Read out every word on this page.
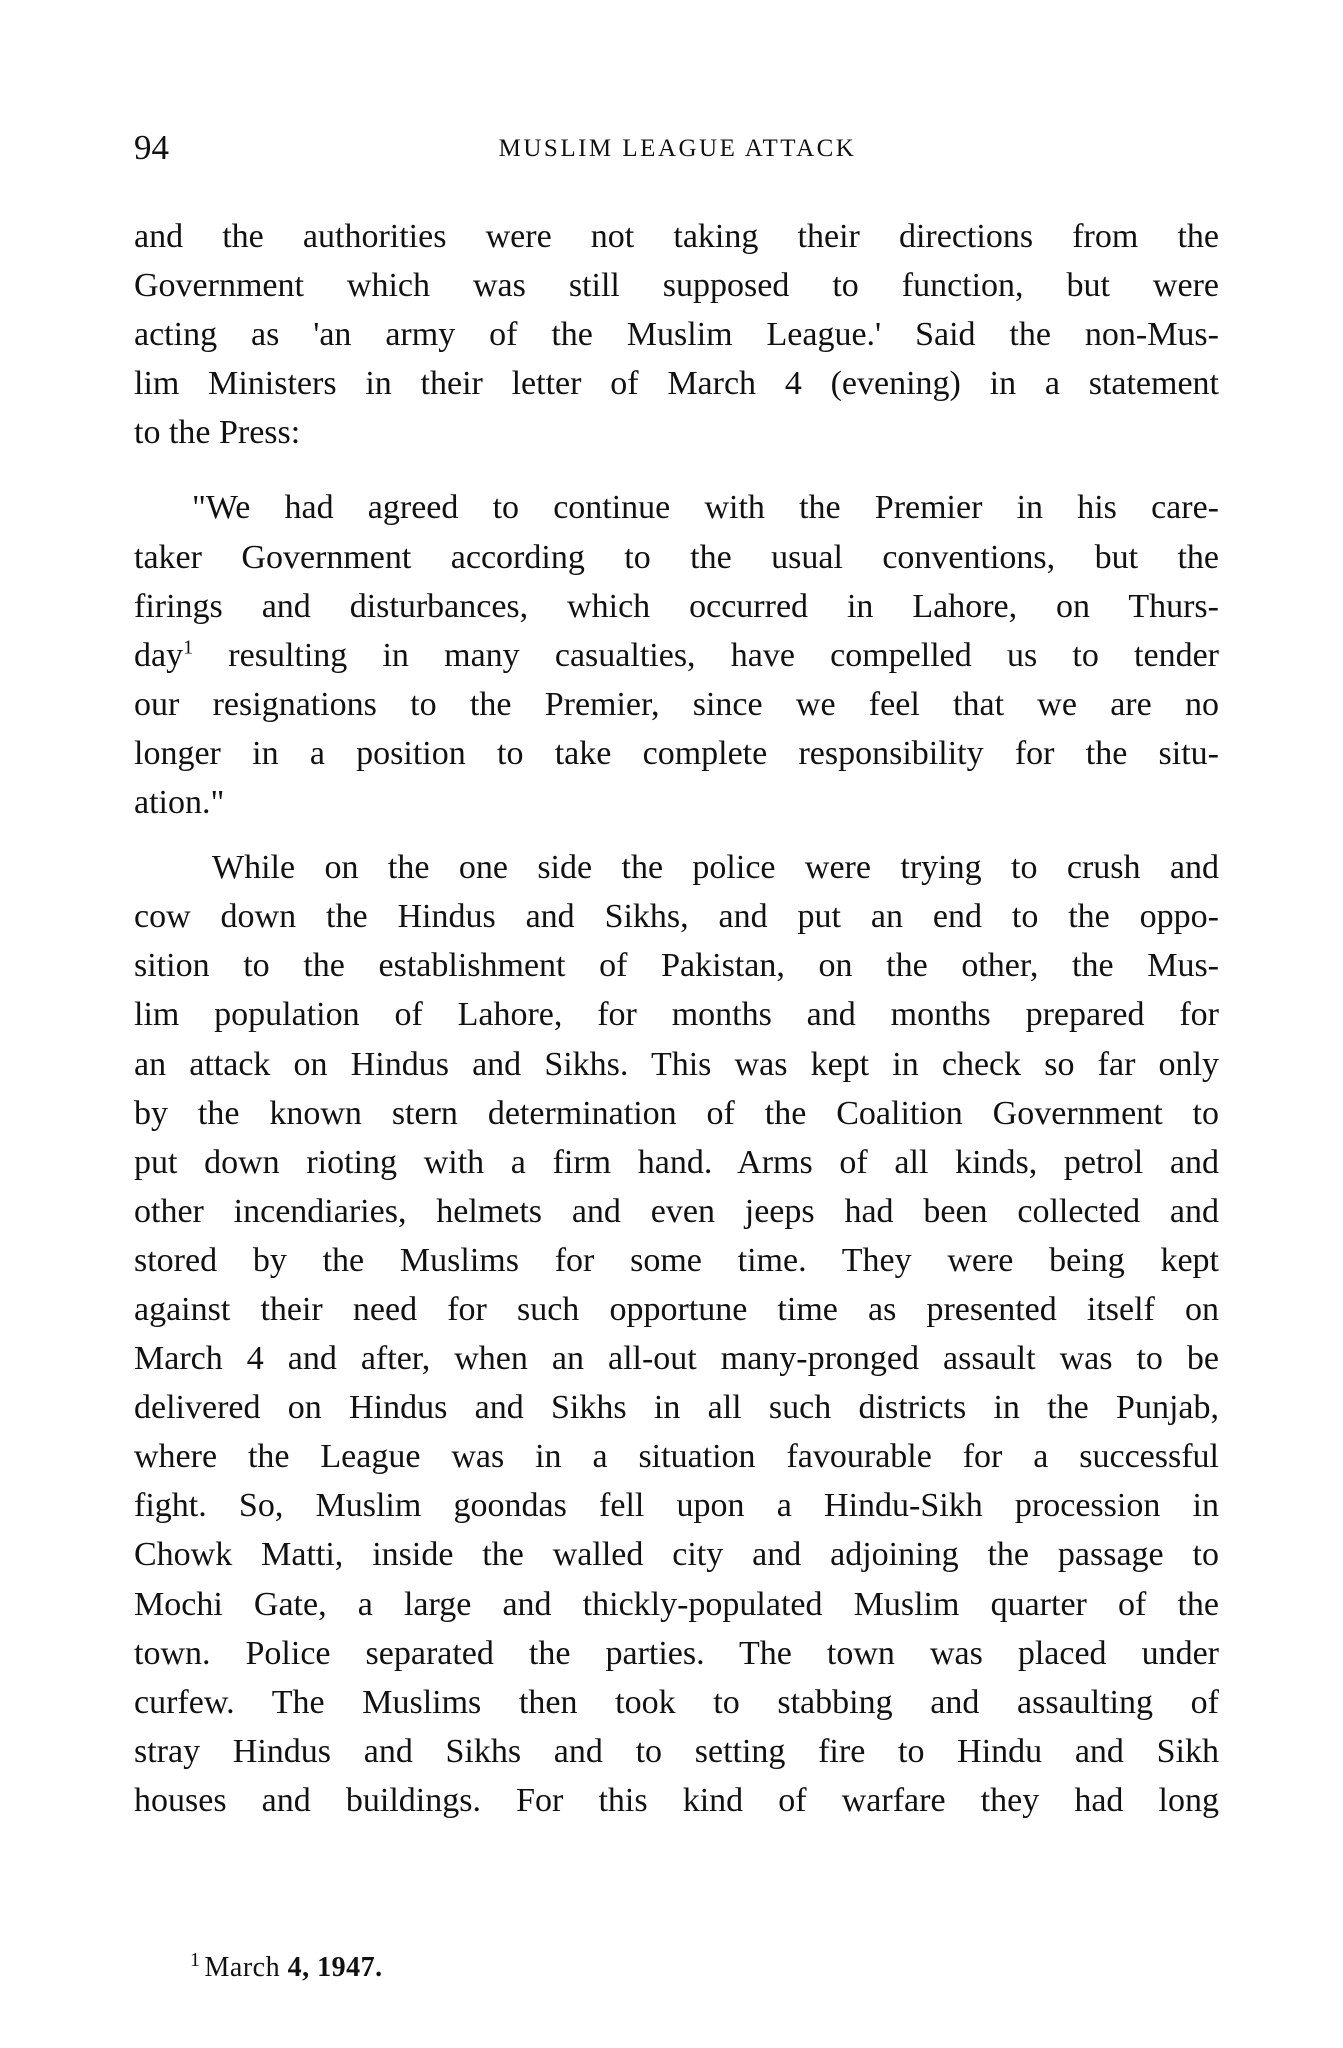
94	MUSLIM LEAGUE ATTACK

and the authorities were not taking their directions from the
Government which was still supposed to function, but were
acting as 'an army of the Muslim League.' Said the non-Mus-
lim Ministers in their letter of March 4 (evening) in a statement
to the Press:

"We had agreed to continue with the Premier in his care-
taker Government according to the usual conventions, but the
firings and disturbances, which occurred in Lahore, on Thurs-
day$^1$ resulting in many casualties, have compelled us to tender
our resignations to the Premier, since we feel that we are no
longer in a position to take complete responsibility for the situ-
ation."

While on the one side the police were trying to crush and
cow down the Hindus and Sikhs, and put an end to the oppo-
sition to the establishment of Pakistan, on the other, the Mus-
lim population of Lahore, for months and months prepared for
an attack on Hindus and Sikhs. This was kept in check so far only
by the known stern determination of the Coalition Government to
put down rioting with a firm hand. Arms of all kinds, petrol and
other incendiaries, helmets and even jeeps had been collected and
stored by the Muslims for some time. They were being kept
against their need for such opportune time as presented itself on
March 4 and after, when an all-out many-pronged assault was to be
delivered on Hindus and Sikhs in all such districts in the Punjab,
where the League was in a situation favourable for a successful
fight. So, Muslim goondas fell upon a Hindu-Sikh procession in
Chowk Matti, inside the walled city and adjoining the passage to
Mochi Gate, a large and thickly-populated Muslim quarter of the
town. Police separated the parties. The town was placed under
curfew. The Muslims then took to stabbing and assaulting of
stray Hindus and Sikhs and to setting fire to Hindu and Sikh
houses and buildings. For this kind of warfare they had long

$^1$ March 4, 1947.
